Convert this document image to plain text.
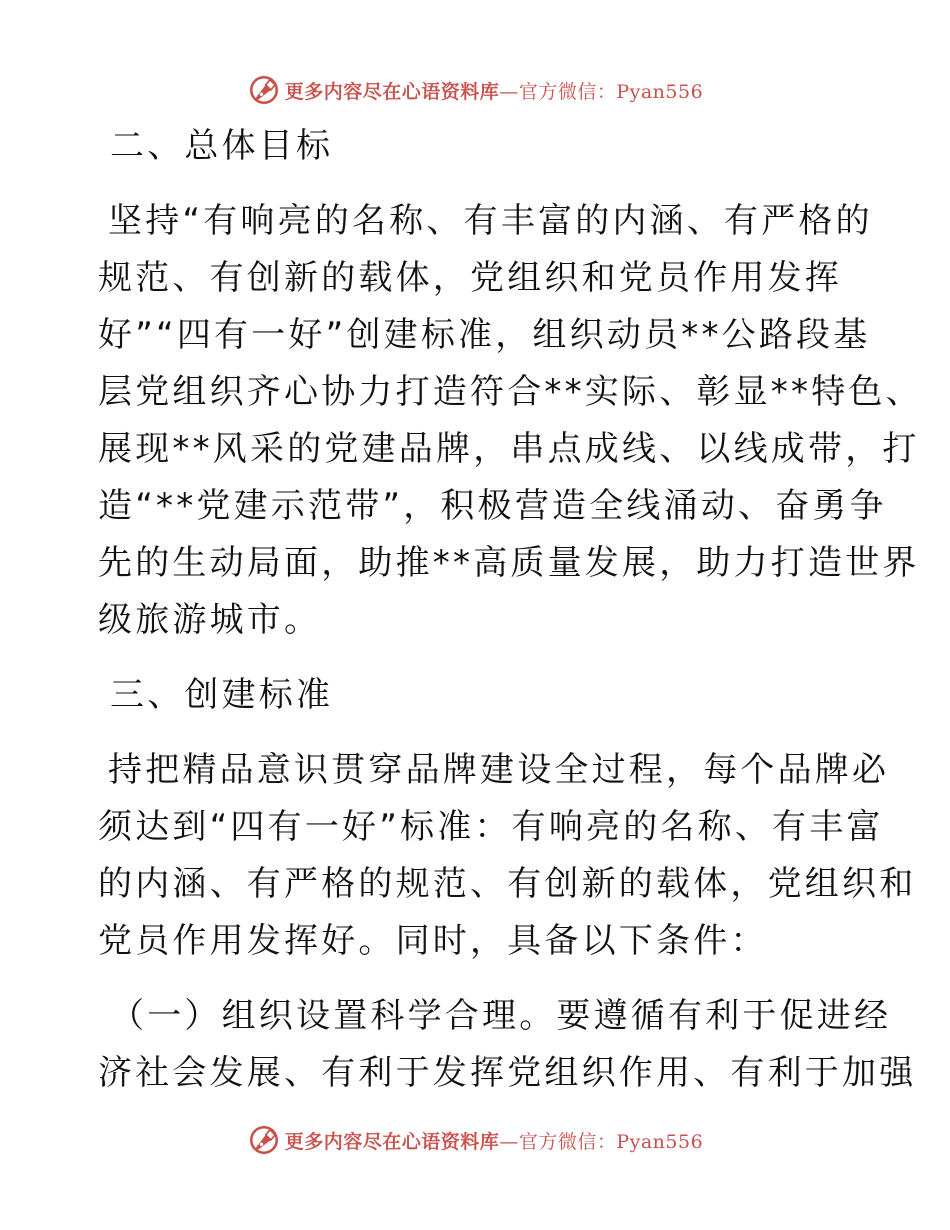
更多内容尽在心语资料库—官方微信：Pyan556
二、总体目标
坚持“有响亮的名称、有丰富的内涵、有严格的
规范、有创新的载体，党组织和党员作用发挥
好”“四有一好”创建标准，组织动员**公路段基
层党组织齐心协力打造符合**实际、彰显**特色、
展现**风采的党建品牌，串点成线、以线成带，打
造“**党建示范带”，积极营造全线涌动、奋勇争
先的生动局面，助推**高质量发展，助力打造世界
级旅游城市。
三、创建标准
持把精品意识贯穿品牌建设全过程，每个品牌必
须达到“四有一好”标准：有响亮的名称、有丰富
的内涵、有严格的规范、有创新的载体，党组织和
党员作用发挥好。同时，具备以下条件：
（一）组织设置科学合理。要遵循有利于促进经
济社会发展、有利于发挥党组织作用、有利于加强
更多内容尽在心语资料库—官方微信：Pyan556
